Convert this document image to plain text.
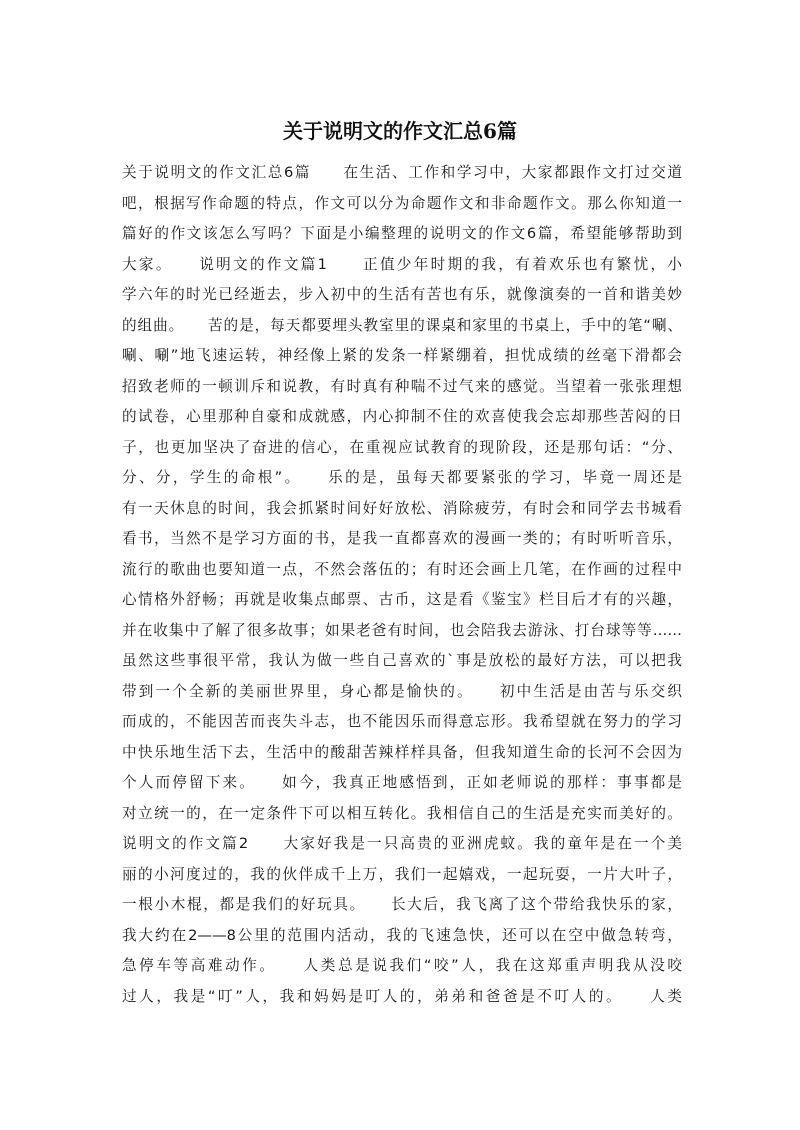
关于说明文的作文汇总6篇
关于说明文的作文汇总6篇　　在生活、工作和学习中，大家都跟作文打过交道
吧，根据写作命题的特点，作文可以分为命题作文和非命题作文。那么你知道一
篇好的作文该怎么写吗？下面是小编整理的说明文的作文6篇，希望能够帮助到
大家。　　说明文的作文篇1　　正值少年时期的我，有着欢乐也有繁忧，小
学六年的时光已经逝去，步入初中的生活有苦也有乐，就像演奏的一首和谐美妙
的组曲。　　苦的是，每天都要埋头教室里的课桌和家里的书桌上，手中的笔“唰、
唰、唰”地飞速运转，神经像上紧的发条一样紧绷着，担忧成绩的丝毫下滑都会
招致老师的一顿训斥和说教，有时真有种喘不过气来的感觉。当望着一张张理想
的试卷，心里那种自豪和成就感，内心抑制不住的欢喜使我会忘却那些苦闷的日
子，也更加坚决了奋进的信心，在重视应试教育的现阶段，还是那句话：“分、
分、分，学生的命根”。　　乐的是，虽每天都要紧张的学习，毕竟一周还是
有一天休息的时间，我会抓紧时间好好放松、消除疲劳，有时会和同学去书城看
看书，当然不是学习方面的书，是我一直都喜欢的漫画一类的；有时听听音乐，
流行的歌曲也要知道一点，不然会落伍的；有时还会画上几笔，在作画的过程中
心情格外舒畅；再就是收集点邮票、古币，这是看《鉴宝》栏目后才有的兴趣，
并在收集中了解了很多故事；如果老爸有时间，也会陪我去游泳、打台球等等……
虽然这些事很平常，我认为做一些自己喜欢的`事是放松的最好方法，可以把我
带到一个全新的美丽世界里，身心都是愉快的。　　初中生活是由苦与乐交织
而成的，不能因苦而丧失斗志，也不能因乐而得意忘形。我希望就在努力的学习
中快乐地生活下去，生活中的酸甜苦辣样样具备，但我知道生命的长河不会因为
个人而停留下来。　　如今，我真正地感悟到，正如老师说的那样：事事都是
对立统一的，在一定条件下可以相互转化。我相信自己的生活是充实而美好的。
说明文的作文篇2　　大家好我是一只高贵的亚洲虎蚊。我的童年是在一个美
丽的小河度过的，我的伙伴成千上万，我们一起嬉戏，一起玩耍，一片大叶子，
一根小木棍，都是我们的好玩具。　　长大后，我飞离了这个带给我快乐的家，
我大约在2——8公里的范围内活动，我的飞速急快，还可以在空中做急转弯，
急停车等高难动作。　　人类总是说我们“咬”人，我在这郑重声明我从没咬
过人，我是“叮”人，我和妈妈是叮人的，弟弟和爸爸是不叮人的。　　人类
